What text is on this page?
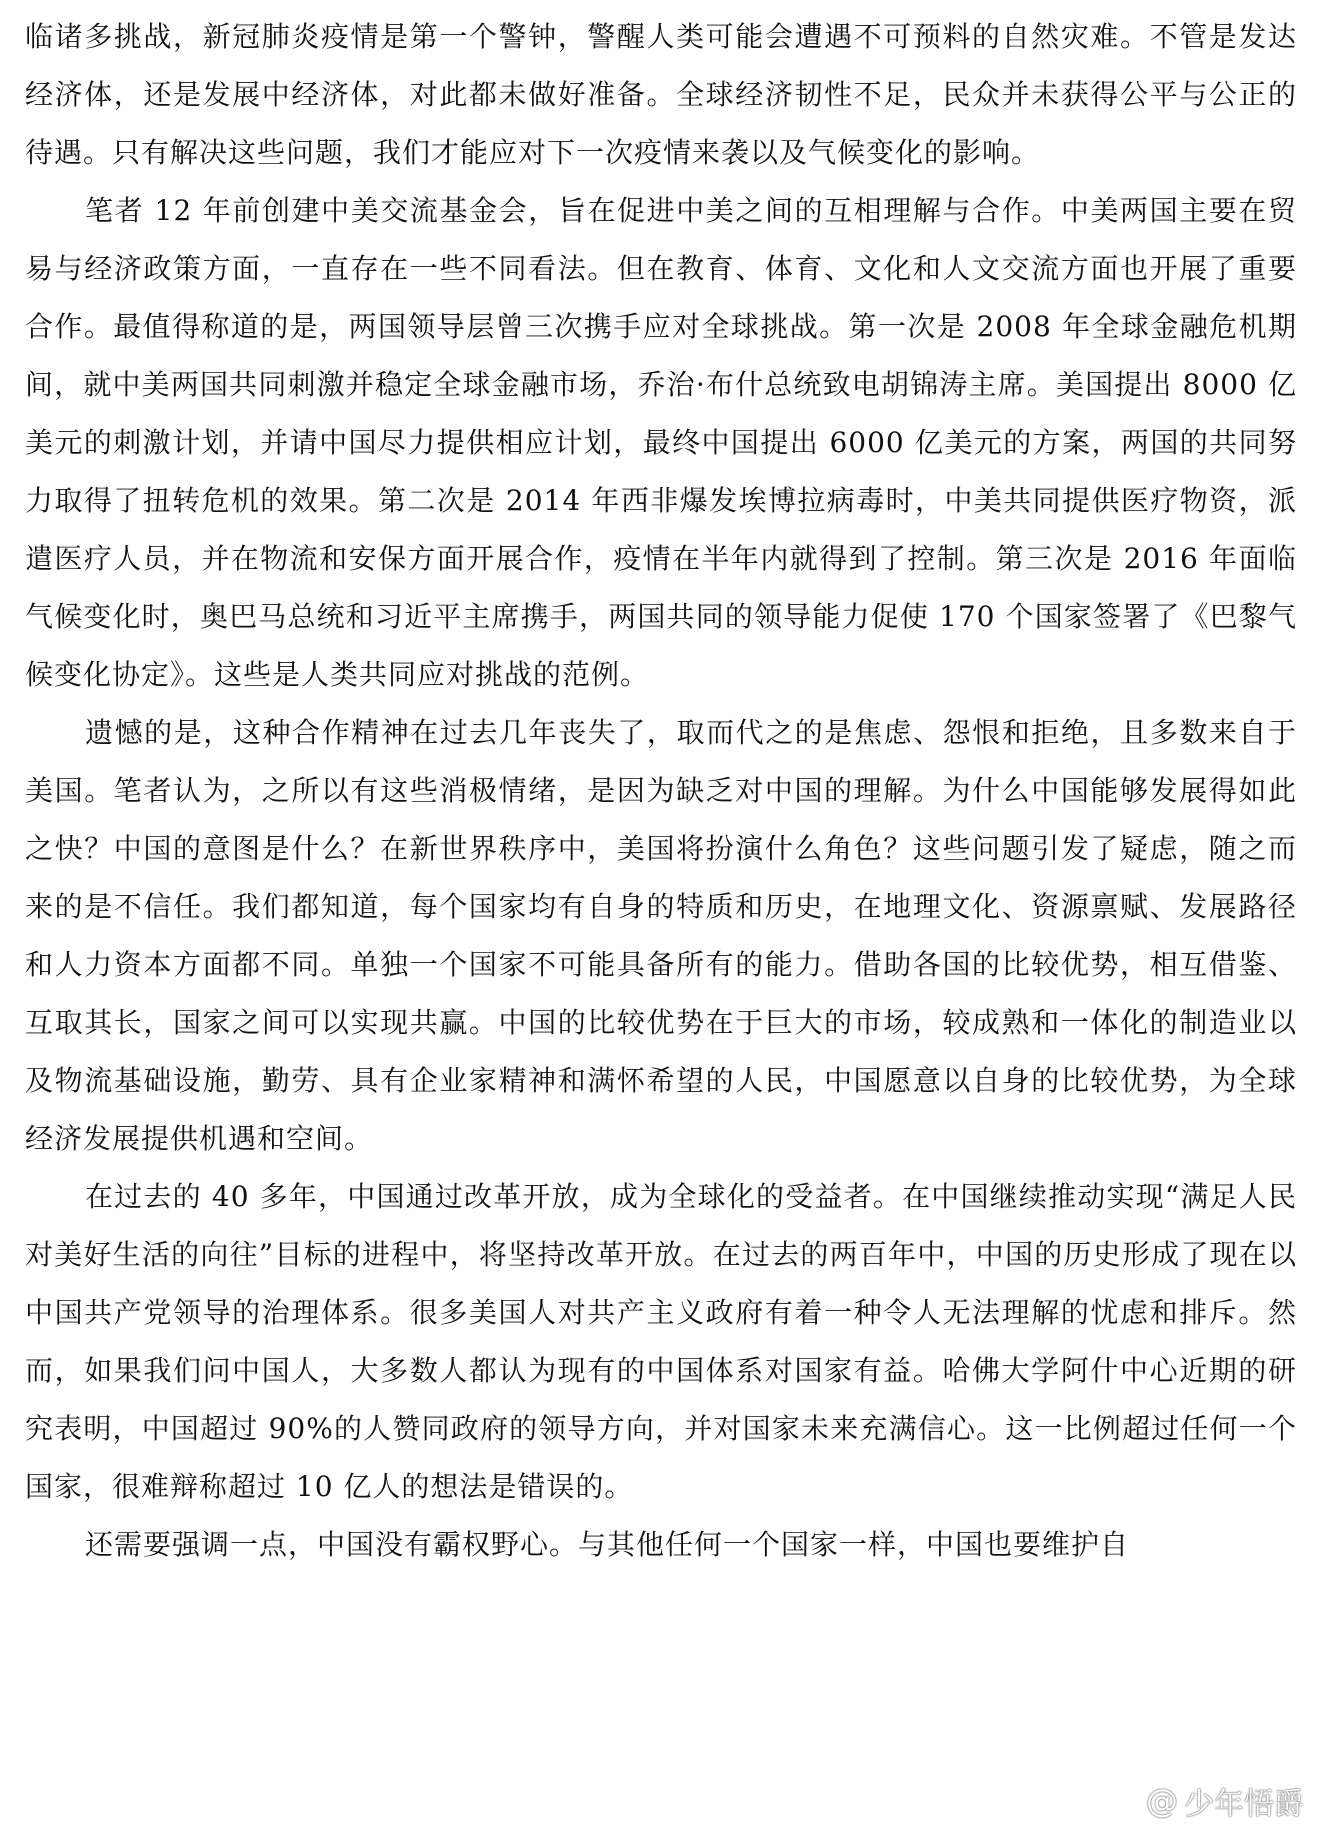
临诸多挑战，新冠肺炎疫情是第一个警钟，警醒人类可能会遭遇不可预料的自然灾难。不管是发达经济体，还是发展中经济体，对此都未做好准备。全球经济韧性不足，民众并未获得公平与公正的待遇。只有解决这些问题，我们才能应对下一次疫情来袭以及气候变化的影响。

笔者 12 年前创建中美交流基金会，旨在促进中美之间的互相理解与合作。中美两国主要在贸易与经济政策方面，一直存在一些不同看法。但在教育、体育、文化和人文交流方面也开展了重要合作。最值得称道的是，两国领导层曾三次携手应对全球挑战。第一次是 2008 年全球金融危机期间，就中美两国共同刺激并稳定全球金融市场，乔治·布什总统致电胡锦涛主席。美国提出 8000 亿美元的刺激计划，并请中国尽力提供相应计划，最终中国提出 6000 亿美元的方案，两国的共同努力取得了扭转危机的效果。第二次是 2014 年西非爆发埃博拉病毒时，中美共同提供医疗物资，派遣医疗人员，并在物流和安保方面开展合作，疫情在半年内就得到了控制。第三次是 2016 年面临气候变化时，奥巴马总统和习近平主席携手，两国共同的领导能力促使 170 个国家签署了《巴黎气候变化协定》。这些是人类共同应对挑战的范例。

遗憾的是，这种合作精神在过去几年丧失了，取而代之的是焦虑、怨恨和拒绝，且多数来自于美国。笔者认为，之所以有这些消极情绪，是因为缺乏对中国的理解。为什么中国能够发展得如此之快？中国的意图是什么？在新世界秩序中，美国将扮演什么角色？这些问题引发了疑虑，随之而来的是不信任。我们都知道，每个国家均有自身的特质和历史，在地理文化、资源禀赋、发展路径和人力资本方面都不同。单独一个国家不可能具备所有的能力。借助各国的比较优势，相互借鉴、互取其长，国家之间可以实现共赢。中国的比较优势在于巨大的市场，较成熟和一体化的制造业以及物流基础设施，勤劳、具有企业家精神和满怀希望的人民，中国愿意以自身的比较优势，为全球经济发展提供机遇和空间。

在过去的 40 多年，中国通过改革开放，成为全球化的受益者。在中国继续推动实现“满足人民对美好生活的向往”目标的进程中，将坚持改革开放。在过去的两百年中，中国的历史形成了现在以中国共产党领导的治理体系。很多美国人对共产主义政府有着一种令人无法理解的忧虑和排斥。然而，如果我们问中国人，大多数人都认为现有的中国体系对国家有益。哈佛大学阿什中心近期的研究表明，中国超过 90%的人赞同政府的领导方向，并对国家未来充满信心。这一比例超过任何一个国家，很难辩称超过 10 亿人的想法是错误的。

还需要强调一点，中国没有霸权野心。与其他任何一个国家一样，中国也要维护自

@ 少年悟爵
